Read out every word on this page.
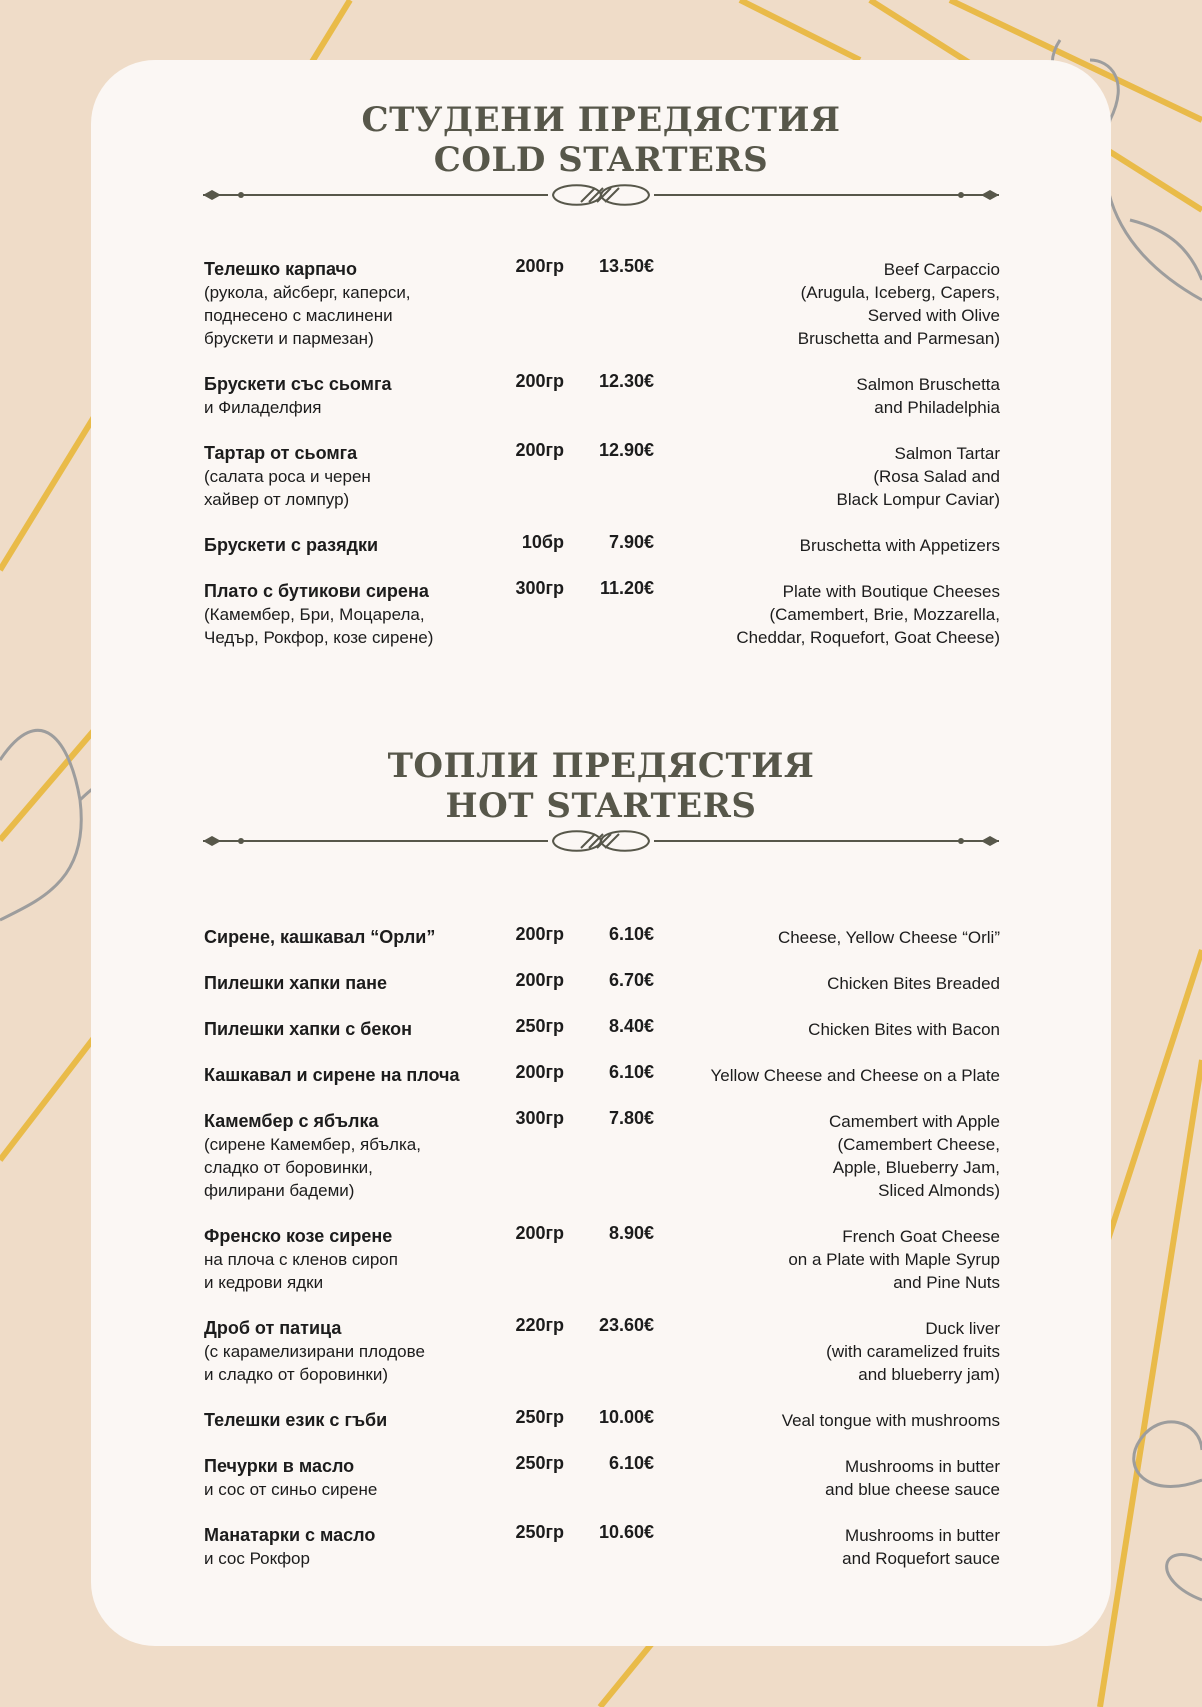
СТУДЕНИ ПРЕДЯСТИЯ
COLD STARTERS
Телешко карпачо
(рукола, айсберг, каперси,
поднесено с маслинени
брускети и пармезан)
200гр	13.50€	Beef Carpaccio
(Arugula, Iceberg, Capers,
Served with Olive
Bruschetta and Parmesan)
Брускети със сьомга
и Филаделфия
200гр	12.30€	Salmon Bruschetta
and Philadelphia
Тартар от сьомга
(салата роса и черен
хайвер от ломпур)
200гр	12.90€	Salmon Tartar
(Rosa Salad and
Black Lompur Caviar)
Брускети с разядки	10бр	7.90€	Bruschetta with Appetizers
Плато с бутикови сирена
(Камембер, Бри, Моцарела,
Чедър, Рокфор, козе сирене)
300гр	11.20€	Plate with Boutique Cheeses
(Camembert, Brie, Mozzarella,
Cheddar, Roquefort, Goat Cheese)
ТОПЛИ ПРЕДЯСТИЯ
HOT STARTERS
Сирене, кашкавал “Орли”	200гр	6.10€	Cheese, Yellow Cheese “Orli”
Пилешки хапки пане	200гр	6.70€	Chicken Bites Breaded
Пилешки хапки с бекон	250гр	8.40€	Chicken Bites with Bacon
Кашкавал и сирене на плоча	200гр	6.10€	Yellow Cheese and Cheese on a Plate
Камембер с ябълка
(сирене Камембер, ябълка,
сладко от боровинки,
филирани бадеми)
300гр	7.80€	Camembert with Apple
(Camembert Cheese,
Apple, Blueberry Jam,
Sliced Almonds)
Френско козе сирене
на плоча с кленов сироп
и кедрови ядки
200гр	8.90€	French Goat Cheese
on a Plate with Maple Syrup
and Pine Nuts
Дроб от патица
(с карамелизирани плодове
и сладко от боровинки)
220гр	23.60€	Duck liver
(with caramelized fruits
and blueberry jam)
Телешки език с гъби	250гр	10.00€	Veal tongue with mushrooms
Печурки в масло
и сос от синьо сирене
250гр	6.10€	Mushrooms in butter
and blue cheese sauce
Манатарки с масло
и сос Рокфор
250гр	10.60€	Mushrooms in butter
and Roquefort sauce
